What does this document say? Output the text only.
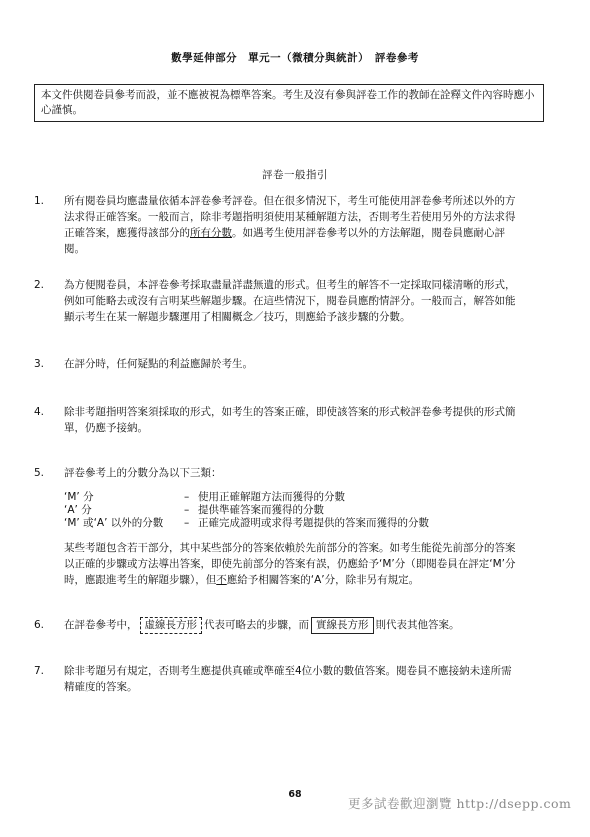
數學延伸部分　單元一（微積分與統計）　評卷參考
本文件供閱卷員參考而設，並不應被視為標準答案。考生及沒有參與評卷工作的教師在詮釋文件內容時應小心謹慎。
評卷一般指引
1.	所有閱卷員均應盡量依循本評卷參考評卷。但在很多情況下，考生可能使用評卷參考所述以外的方法求得正確答案。一般而言，除非考題指明須使用某種解題方法，否則考生若使用另外的方法求得正確答案，應獲得該部分的所有分數。如遇考生使用評卷參考以外的方法解題，閱卷員應耐心評閱。
2.	為方便閱卷員，本評卷參考採取盡量詳盡無遺的形式。但考生的解答不一定採取同樣清晰的形式，例如可能略去或沒有言明某些解題步驟。在這些情況下，閱卷員應酌情評分。一般而言，解答如能顯示考生在某一解題步驟運用了相關概念／技巧，則應給予該步驟的分數。
3.	在評分時，任何疑點的利益應歸於考生。
4.	除非考題指明答案須採取的形式，如考生的答案正確，即使該答案的形式較評卷參考提供的形式簡單，仍應予接納。
5.	評卷參考上的分數分為以下三類：
‘M’ 分	– 使用正確解題方法而獲得的分數
‘A’ 分	– 提供準確答案而獲得的分數
‘M’ 或‘A’ 以外的分數	– 正確完成證明或求得考題提供的答案而獲得的分數
某些考題包含若干部分，其中某些部分的答案依賴於先前部分的答案。如考生能從先前部分的答案以正確的步驟或方法導出答案，即使先前部分的答案有誤，仍應給予‘M’分（即閱卷員在評定‘M’分時，應跟進考生的解題步驟），但不應給予相關答案的‘A’分，除非另有規定。
6.	在評卷參考中， 虛線長方形 代表可略去的步驟，而 實線長方形 則代表其他答案。
7.	除非考題另有規定，否則考生應提供真確或準確至4位小數的數值答案。閱卷員不應接納未達所需精確度的答案。
68
更多試卷歡迎瀏覽 http://dsepp.com
